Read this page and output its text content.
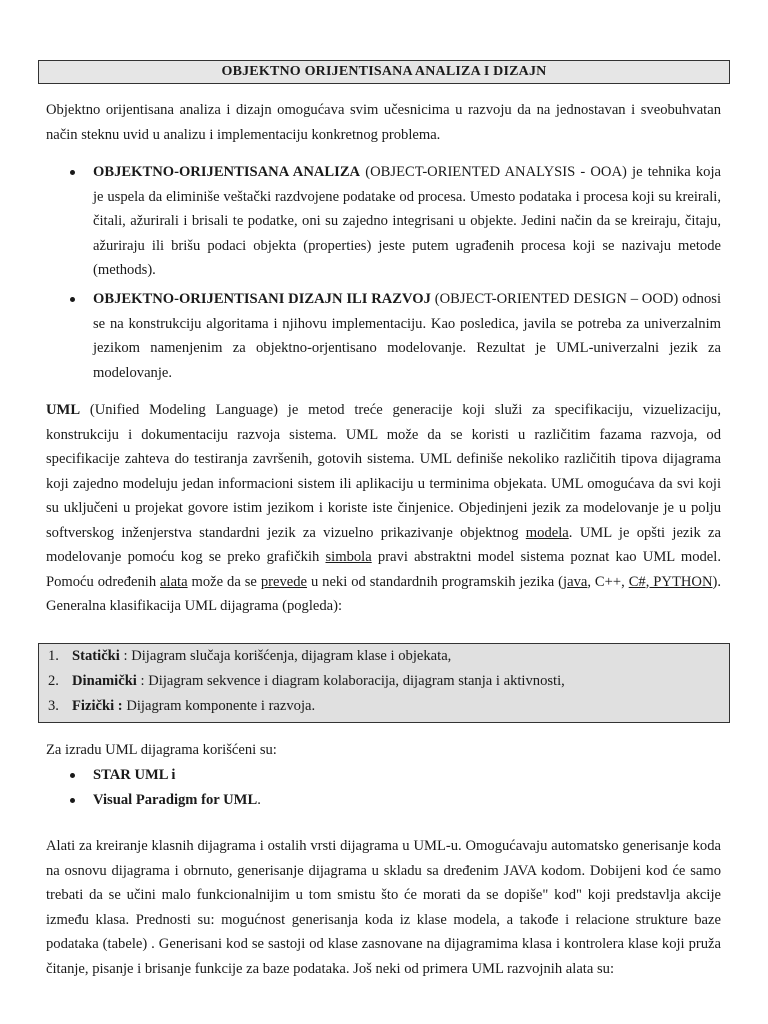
OBJEKTNO ORIJENTISANA ANALIZA I DIZAJN
Objektno orijentisana analiza i dizajn omogućava svim učesnicima u razvoju da na jednostavan i sveobuhvatan način steknu uvid u analizu i implementaciju konkretnog problema.
OBJEKTNO-ORIJENTISANA ANALIZA (OBJECT-ORIENTED ANALYSIS - OOA) je tehnika koja je uspela da eliminiše veštački razdvojene podatake od procesa. Umesto podataka i procesa koji su kreirali, čitali, ažurirali i brisali te podatke, oni su zajedno integrisani u objekte. Jedini način da se kreiraju, čitaju, ažuriraju ili brišu podaci objekta (properties) jeste putem ugrađenih procesa koji se nazivaju metode (methods).
OBJEKTNO-ORIJENTISANI DIZAJN ILI RAZVOJ (OBJECT-ORIENTED DESIGN – OOD) odnosi se na konstrukciju algoritama i njihovu implementaciju. Kao posledica, javila se potreba za univerzalnim jezikom namenjenim za objektno-orjentisano modelovanje. Rezultat je UML-univerzalni jezik za modelovanje.
UML (Unified Modeling Language) je metod treće generacije koji služi za specifikaciju, vizuelizaciju, konstrukciju i dokumentaciju razvoja sistema. UML može da se koristi u različitim fazama razvoja, od specifikacije zahteva do testiranja završenih, gotovih sistema. UML definiše nekoliko različitih tipova dijagrama koji zajedno modeluju jedan informacioni sistem ili aplikaciju u terminima objekata. UML omogućava da svi koji su uključeni u projekat govore istim jezikom i koriste iste činjenice. Objedinjeni jezik za modelovanje je u polju softverskog inženjerstva standardni jezik za vizuelno prikazivanje objektnog modela. UML je opšti jezik za modelovanje pomoću kog se preko grafičkih simbola pravi abstraktni model sistema poznat kao UML model. Pomoću određenih alata može da se prevede u neki od standardnih programskih jezika (java, C++, C#, PYTHON). Generalna klasifikacija UML dijagrama (pogleda):
1. Statički : Dijagram slučaja korišćenja, dijagram klase i objekata,
2. Dinamički : Dijagram sekvence i diagram kolaboracija, dijagram stanja i aktivnosti,
3. Fizički : Dijagram komponente i razvoja.
Za izradu UML dijagrama korišćeni su:
STAR UML i
Visual Paradigm for UML.
Alati za kreiranje klasnih dijagrama i ostalih vrsti dijagrama u UML-u. Omogućavaju automatsko generisanje koda na osnovu dijagrama i obrnuto, generisanje dijagrama u skladu sa dređenim JAVA kodom. Dobijeni kod će samo trebati da se učini malo funkcionalnijim u tom smistu što će morati da se dopiše" kod" koji predstavlja akcije između klasa. Prednosti su: mogućnost generisanja koda iz klase modela, a takođe i relacione strukture baze podataka (tabele) . Generisani kod se sastoji od klase zasnovane na dijagramima klasa i kontrolera klase koji pruža čitanje, pisanje i brisanje funkcije za baze podataka. Još neki od primera UML razvojnih alata su:
